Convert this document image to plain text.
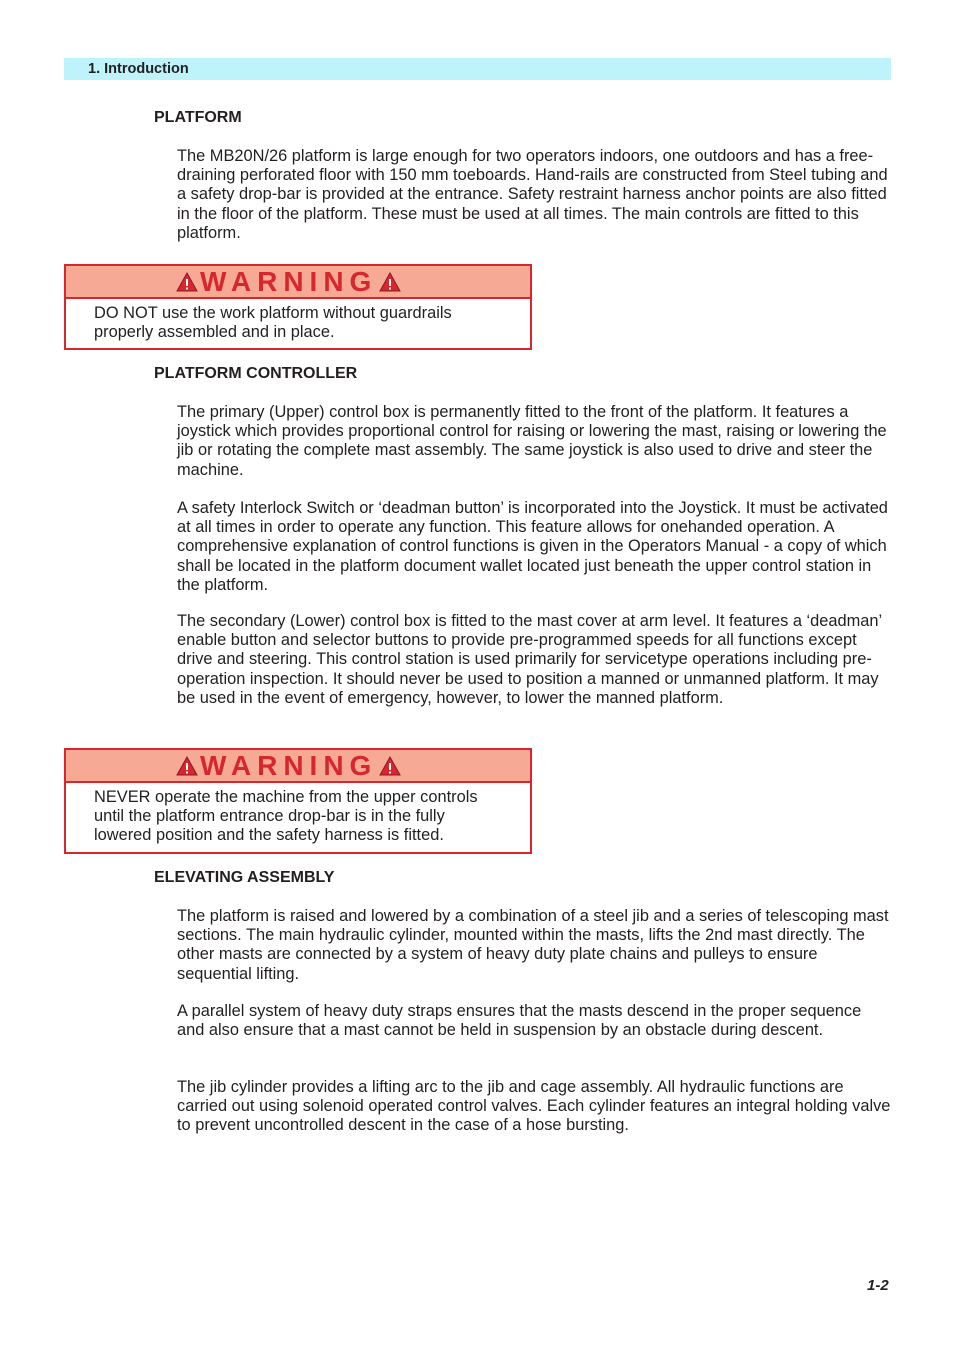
1. Introduction
PLATFORM

The MB20N/26 platform is large enough for two operators indoors, one outdoors and has a free-draining perforated floor with 150 mm toeboards. Hand-rails are constructed from Steel tubing and a safety drop-bar is provided at the entrance. Safety restraint harness anchor points are also fitted in the floor of the platform. These must be used at all times. The main controls are fitted to this platform.

WARNING
DO NOT use the work platform without guardrails
properly assembled and in place.
PLATFORM CONTROLLER

The primary (Upper) control box is permanently fitted to the front of the platform. It features a joystick which provides proportional control for raising or lowering the mast, raising or lowering the jib or rotating the complete mast assembly. The same joystick is also used to drive and steer the machine.

A safety Interlock Switch or ‘deadman button’ is incorporated into the Joystick. It must be activated at all times in order to operate any function. This feature allows for onehanded operation. A comprehensive explanation of control functions is given in the Operators Manual - a copy of which shall be located in the platform document wallet located just beneath the upper control station in the platform.

The secondary (Lower) control box is fitted to the mast cover at arm level. It features a ‘deadman’ enable button and selector buttons to provide pre-programmed speeds for all functions except drive and steering. This control station is used primarily for servicetype operations including pre-operation inspection. It should never be used to position a manned or unmanned platform. It may be used in the event of emergency, however, to lower the manned platform.

WARNING
NEVER operate the machine from the upper controls
until the platform entrance drop-bar is in the fully
lowered position and the safety harness is fitted.
ELEVATING ASSEMBLY

The platform is raised and lowered by a combination of a steel jib and a series of telescoping mast sections. The main hydraulic cylinder, mounted within the masts, lifts the 2nd mast directly. The other masts are connected by a system of heavy duty plate chains and pulleys to ensure sequential lifting.

A parallel system of heavy duty straps ensures that the masts descend in the proper sequence and also ensure that a mast cannot be held in suspension by an obstacle during descent.

The jib cylinder provides a lifting arc to the jib and cage assembly. All hydraulic functions are carried out using solenoid operated control valves. Each cylinder features an integral holding valve to prevent uncontrolled descent in the case of a hose bursting.

1-2
